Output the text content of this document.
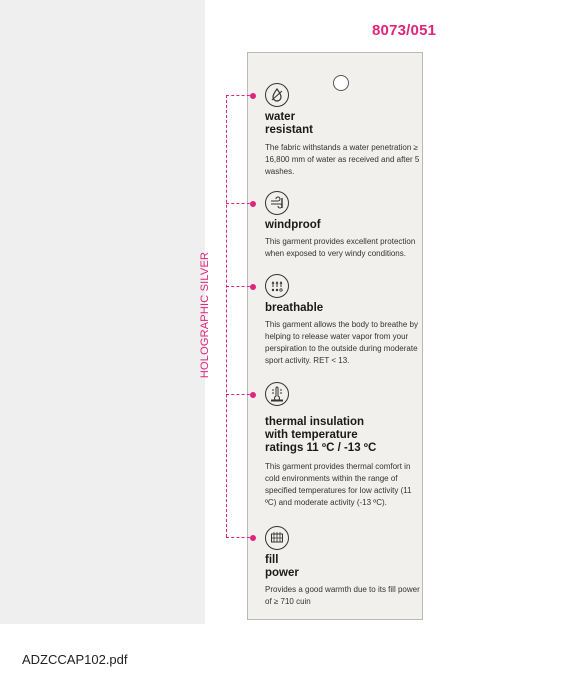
8073/051
HOLOGRAPHIC SILVER
water
resistant
The fabric withstands a water penetration ≥ 16,800 mm of water as received and after 5 washes.
windproof
This garment provides excellent protection when exposed to very windy conditions.
breathable
This garment allows the body to breathe by helping to release water vapor from your perspiration to the outside during moderate sport activity. RET < 13.
thermal insulation
with temperature
ratings 11 ºC / -13 ºC
This garment provides thermal comfort in cold environments within the range of specified temperatures for low activity (11 ºC) and moderate activity (-13 ºC).
fill
power
Provides a good warmth due to its fill power of ≥ 710 cuin
ADZCCAP102.pdf
